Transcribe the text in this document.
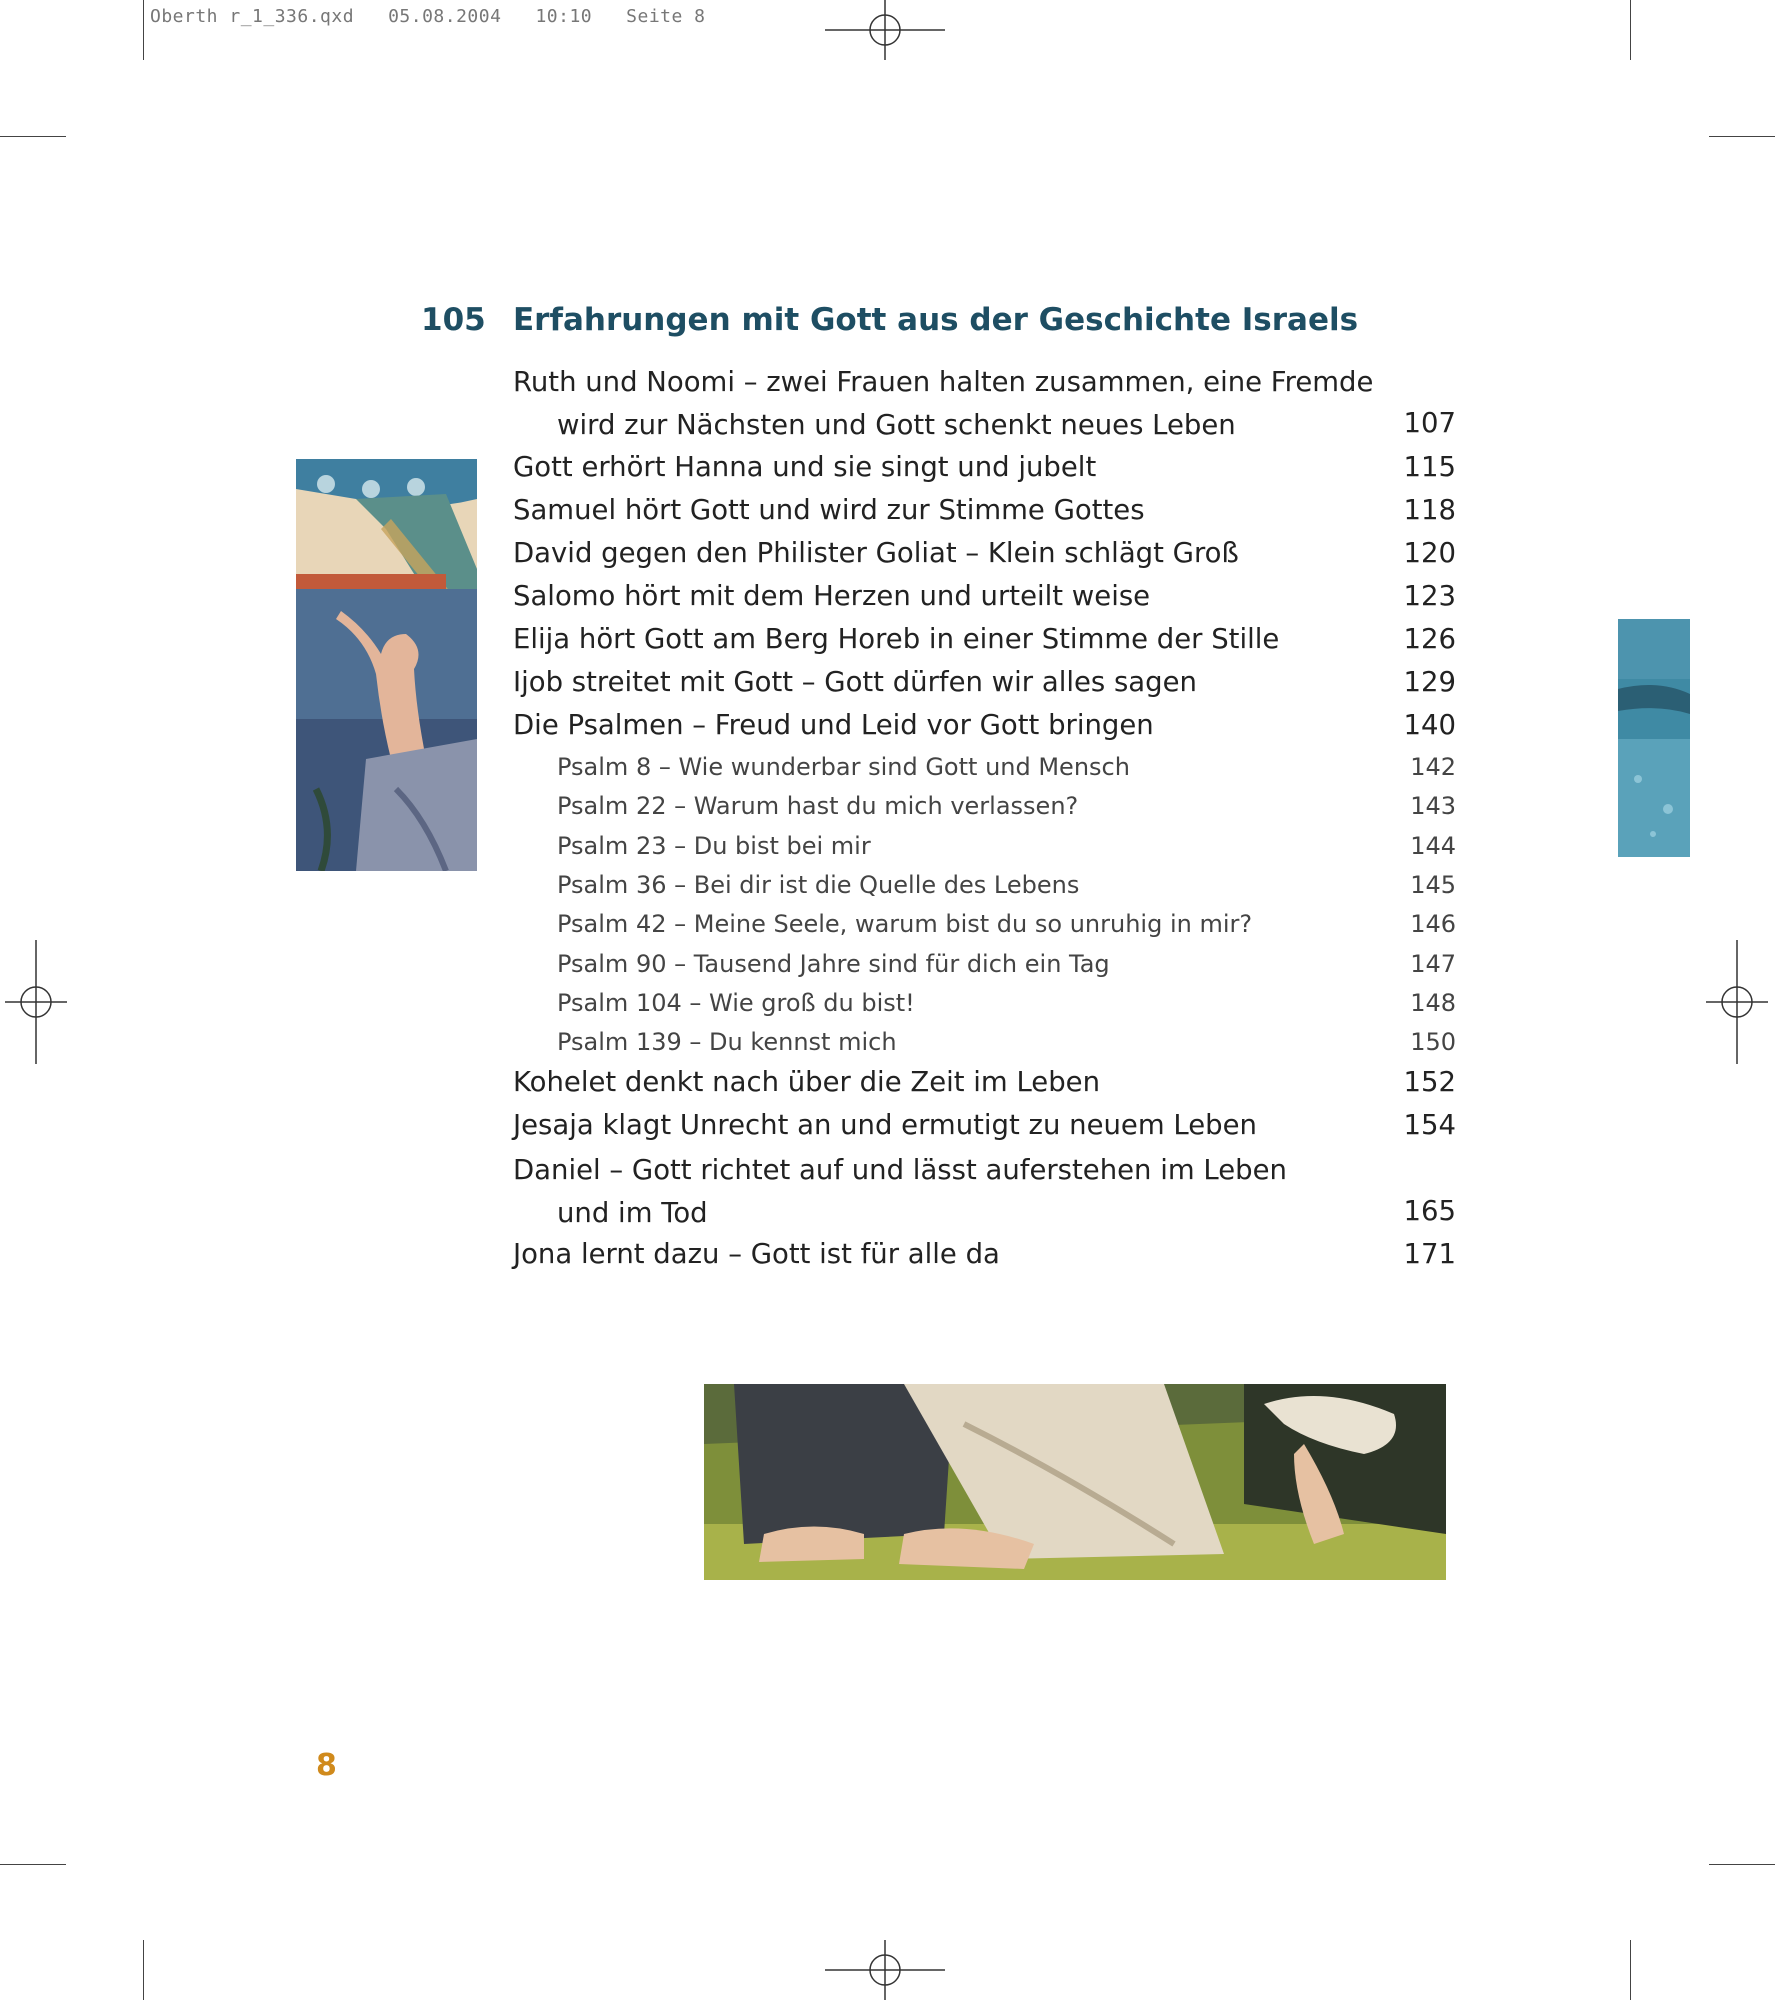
Oberth r_1_336.qxd   05.08.2004   10:10   Seite 8
105 Erfahrungen mit Gott aus der Geschichte Israels
Ruth und Noomi – zwei Frauen halten zusammen, eine Fremde
wird zur Nächsten und Gott schenkt neues Leben	107
Gott erhört Hanna und sie singt und jubelt	115
Samuel hört Gott und wird zur Stimme Gottes	118
David gegen den Philister Goliat – Klein schlägt Groß	120
Salomo hört mit dem Herzen und urteilt weise	123
Elija hört Gott am Berg Horeb in einer Stimme der Stille	126
Ijob streitet mit Gott – Gott dürfen wir alles sagen	129
Die Psalmen – Freud und Leid vor Gott bringen	140
Psalm 8 – Wie wunderbar sind Gott und Mensch	142
Psalm 22 – Warum hast du mich verlassen?	143
Psalm 23 – Du bist bei mir	144
Psalm 36 – Bei dir ist die Quelle des Lebens	145
Psalm 42 – Meine Seele, warum bist du so unruhig in mir?	146
Psalm 90 – Tausend Jahre sind für dich ein Tag	147
Psalm 104 – Wie groß du bist!	148
Psalm 139 – Du kennst mich	150
Kohelet denkt nach über die Zeit im Leben	152
Jesaja klagt Unrecht an und ermutigt zu neuem Leben	154
Daniel – Gott richtet auf und lässt auferstehen im Leben
und im Tod	165
Jona lernt dazu – Gott ist für alle da	171
8
